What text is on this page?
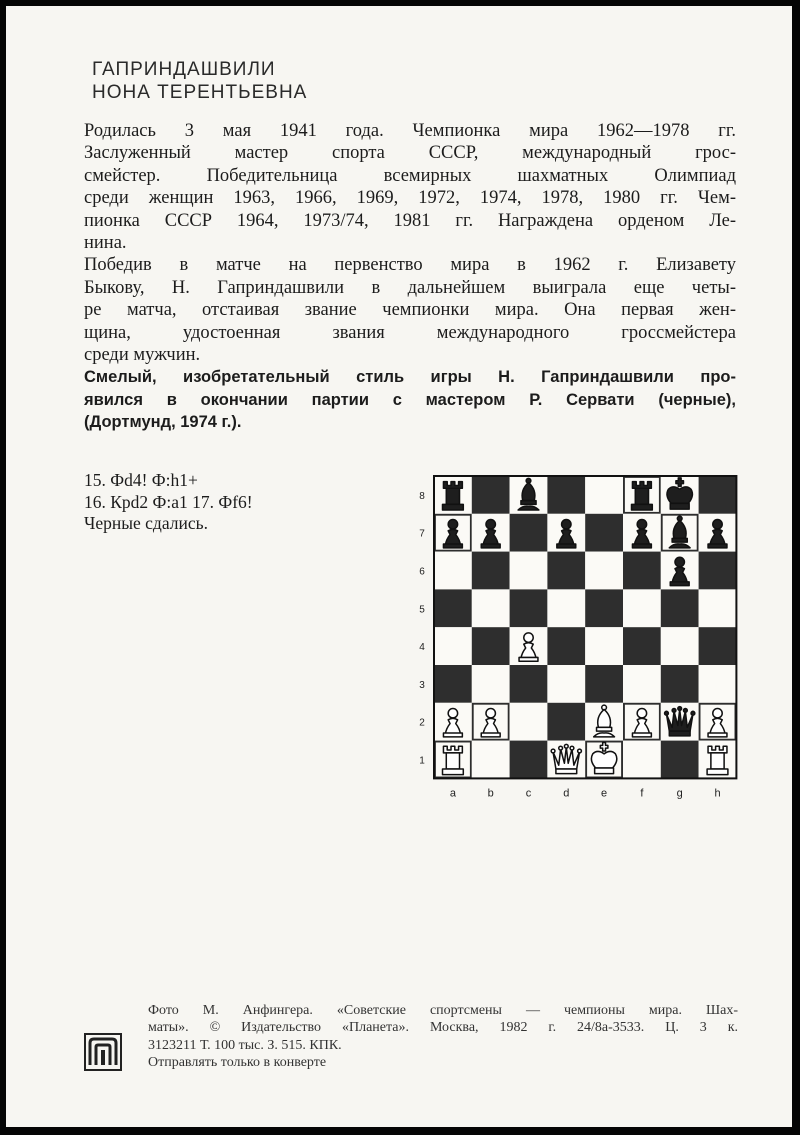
ГАПРИНДАШВИЛИ
НОНА ТЕРЕНТЬЕВНА
Родилась 3 мая 1941 года. Чемпионка мира 1962—1978 гг.
Заслуженный мастер спорта СССР, международный грос-
смейстер. Победительница всемирных шахматных Олимпиад
среди женщин 1963, 1966, 1969, 1972, 1974, 1978, 1980 гг. Чем-
пионка СССР 1964, 1973/74, 1981 гг. Награждена орденом Ле-
нина.
Победив в матче на первенство мира в 1962 г. Елизавету
Быкову, Н. Гаприндашвили в дальнейшем выиграла еще четы-
ре матча, отстаивая звание чемпионки мира. Она первая жен-
щина, удостоенная звания международного гроссмейстера
среди мужчин.
Смелый, изобретательный стиль игры Н. Гаприндашвили про-
явился в окончании партии с мастером Р. Сервати (черные),
(Дортмунд, 1974 г.).
15. Фd4! Ф:h1+
16. Крd2 Ф:a1 17. Фf6!
Черные сдались.
8
7
6
5
4
3
2
1
a	b	c	d	e	f	g	h
Фото М. Анфингера. «Советские спортсмены — чемпионы мира. Шах-
маты». © Издательство «Планета». Москва, 1982 г. 24/8а-3533. Ц. 3 к.
3123211 Т. 100 тыс. З. 515. КПК.
Отправлять только в конверте
